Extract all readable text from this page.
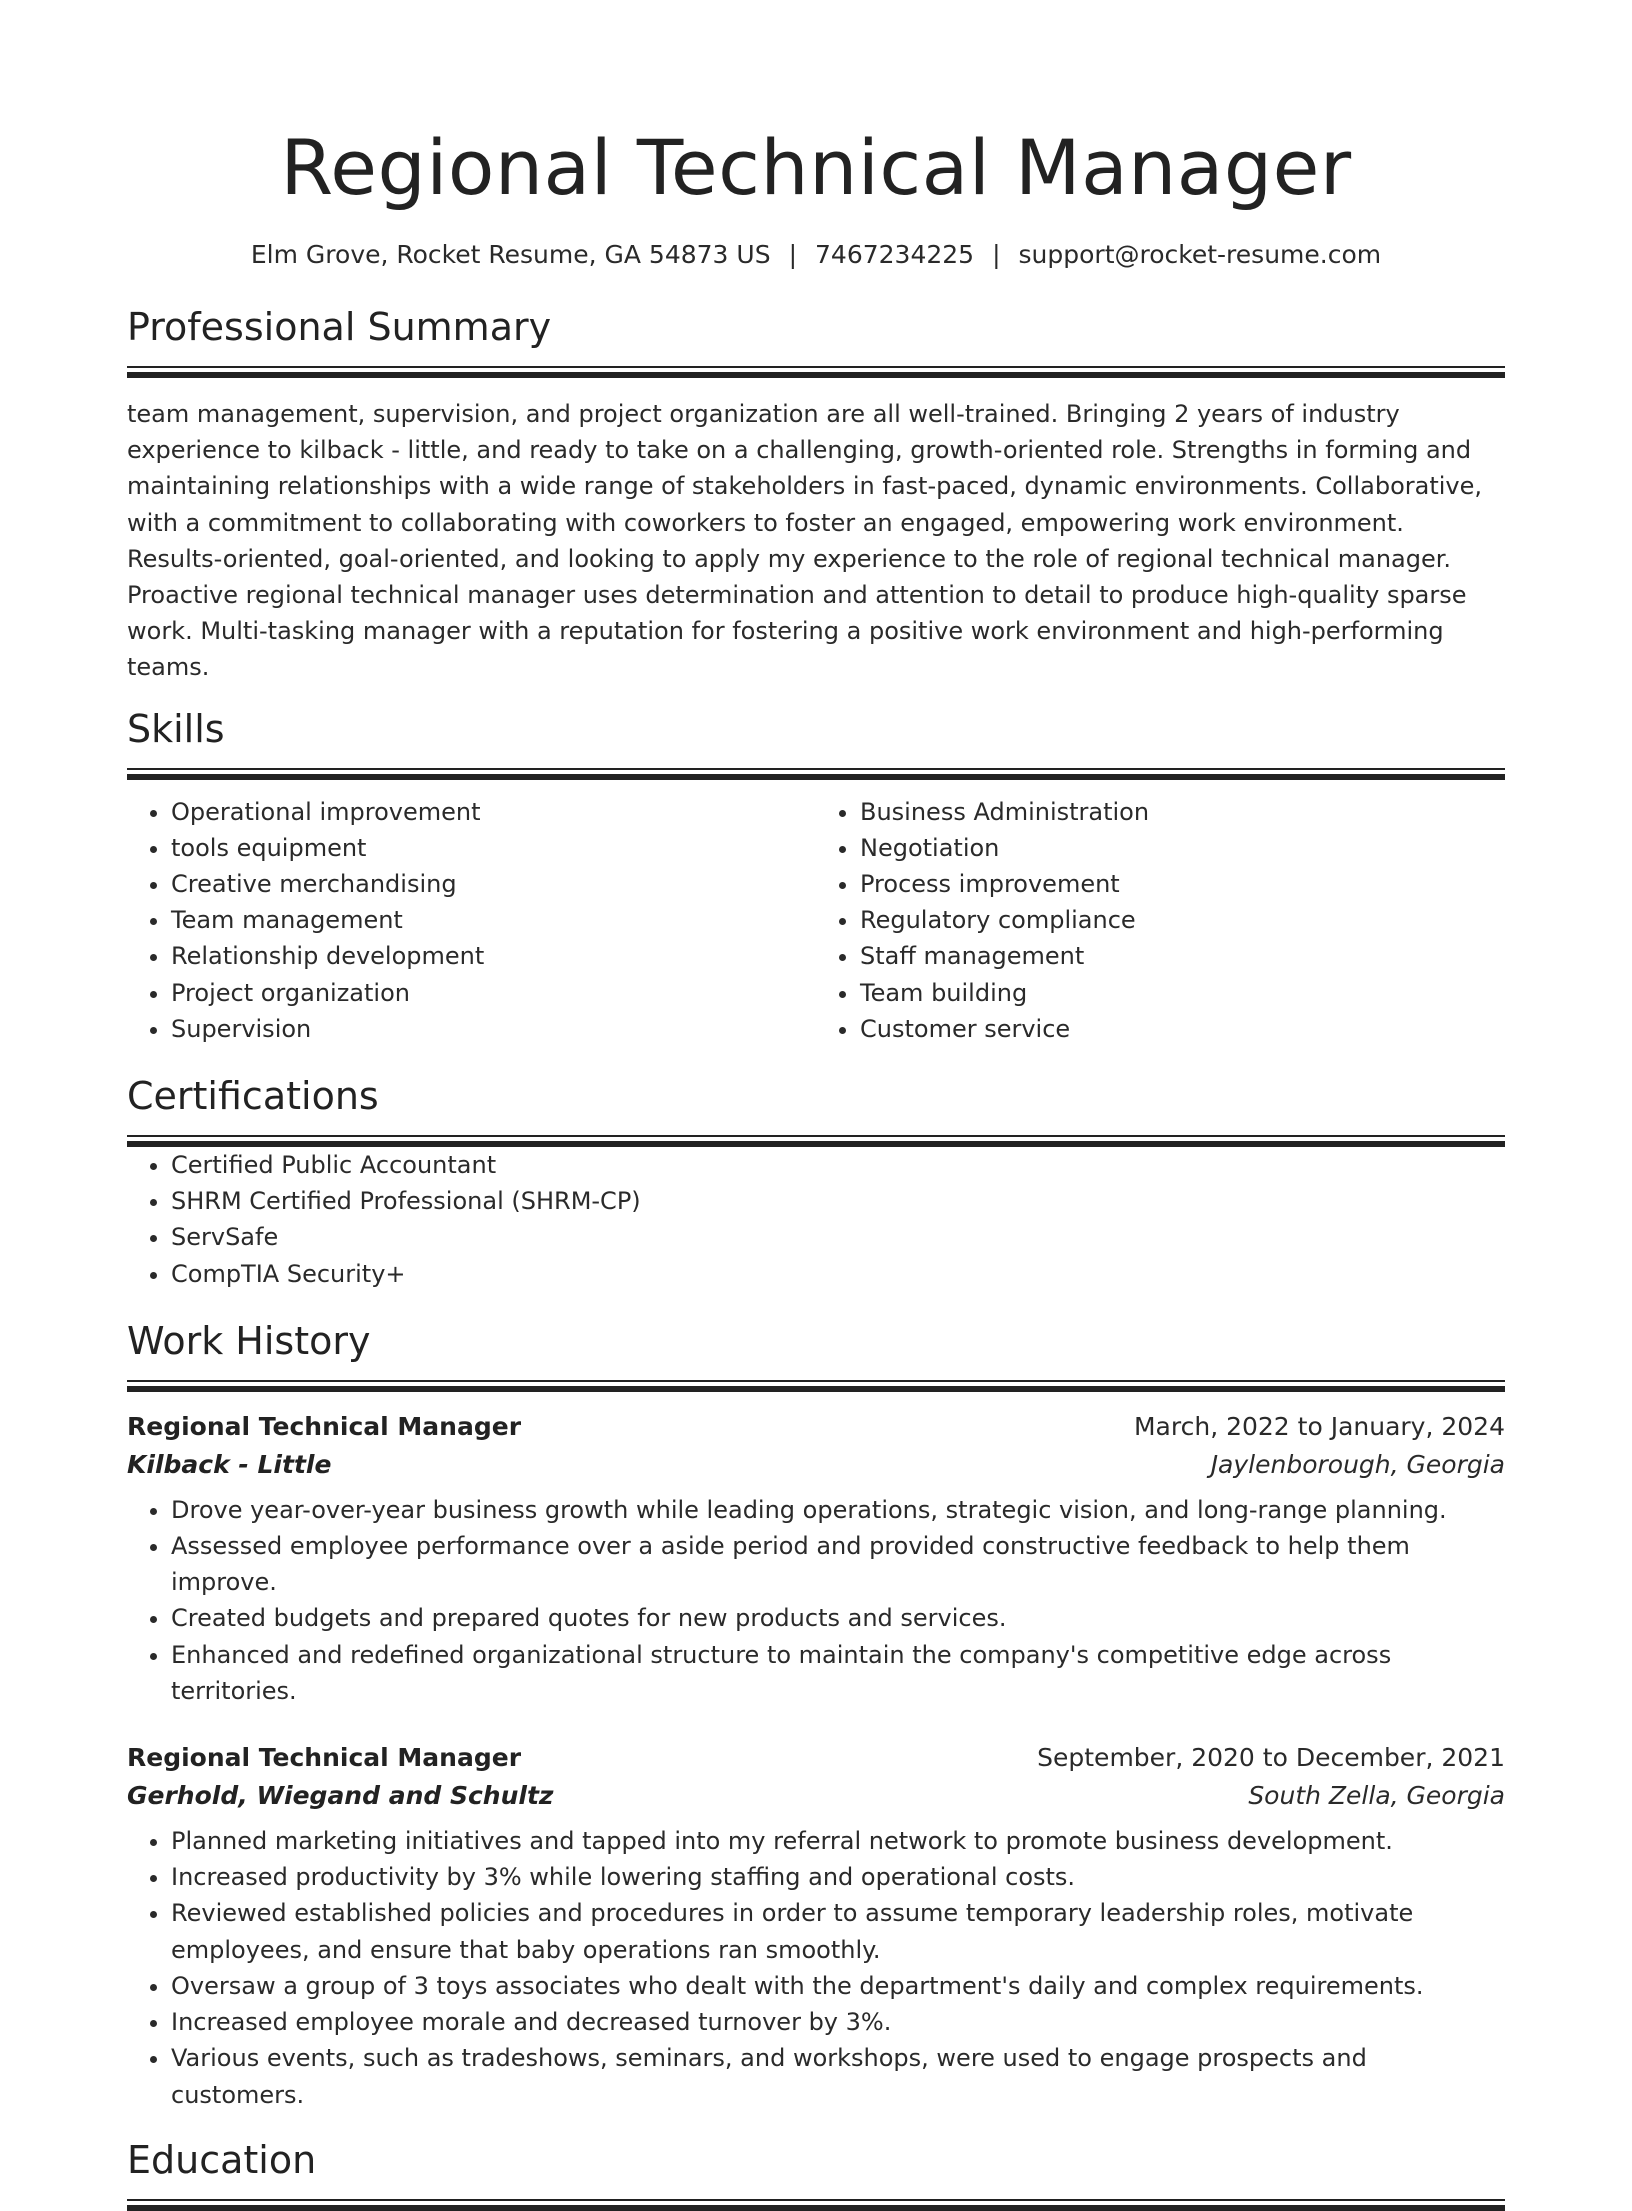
Regional Technical Manager
Elm Grove, Rocket Resume, GA 54873 US | 7467234225 | support@rocket-resume.com
Professional Summary

team management, supervision, and project organization are all well-trained. Bringing 2 years of industry experience to kilback - little, and ready to take on a challenging, growth-oriented role. Strengths in forming and maintaining relationships with a wide range of stakeholders in fast-paced, dynamic environments. Collaborative, with a commitment to collaborating with coworkers to foster an engaged, empowering work environment. Results-oriented, goal-oriented, and looking to apply my experience to the role of regional technical manager. Proactive regional technical manager uses determination and attention to detail to produce high-quality sparse work. Multi-tasking manager with a reputation for fostering a positive work environment and high-performing teams.

Skills
• Operational improvement
• tools equipment
• Creative merchandising
• Team management
• Relationship development
• Project organization
• Supervision
• Business Administration
• Negotiation
• Process improvement
• Regulatory compliance
• Staff management
• Team building
• Customer service
Certifications
• Certified Public Accountant
• SHRM Certified Professional (SHRM-CP)
• ServSafe
• CompTIA Security+
Work History
Regional Technical Manager	March, 2022 to January, 2024
Kilback - Little	Jaylenborough, Georgia
• Drove year-over-year business growth while leading operations, strategic vision, and long-range planning.
• Assessed employee performance over a aside period and provided constructive feedback to help them improve.
• Created budgets and prepared quotes for new products and services.
• Enhanced and redefined organizational structure to maintain the company's competitive edge across territories.
Regional Technical Manager	September, 2020 to December, 2021
Gerhold, Wiegand and Schultz	South Zella, Georgia
• Planned marketing initiatives and tapped into my referral network to promote business development.
• Increased productivity by 3% while lowering staffing and operational costs.
• Reviewed established policies and procedures in order to assume temporary leadership roles, motivate employees, and ensure that baby operations ran smoothly.
• Oversaw a group of 3 toys associates who dealt with the department's daily and complex requirements.
• Increased employee morale and decreased turnover by 3%.
• Various events, such as tradeshows, seminars, and workshops, were used to engage prospects and customers.
Education
